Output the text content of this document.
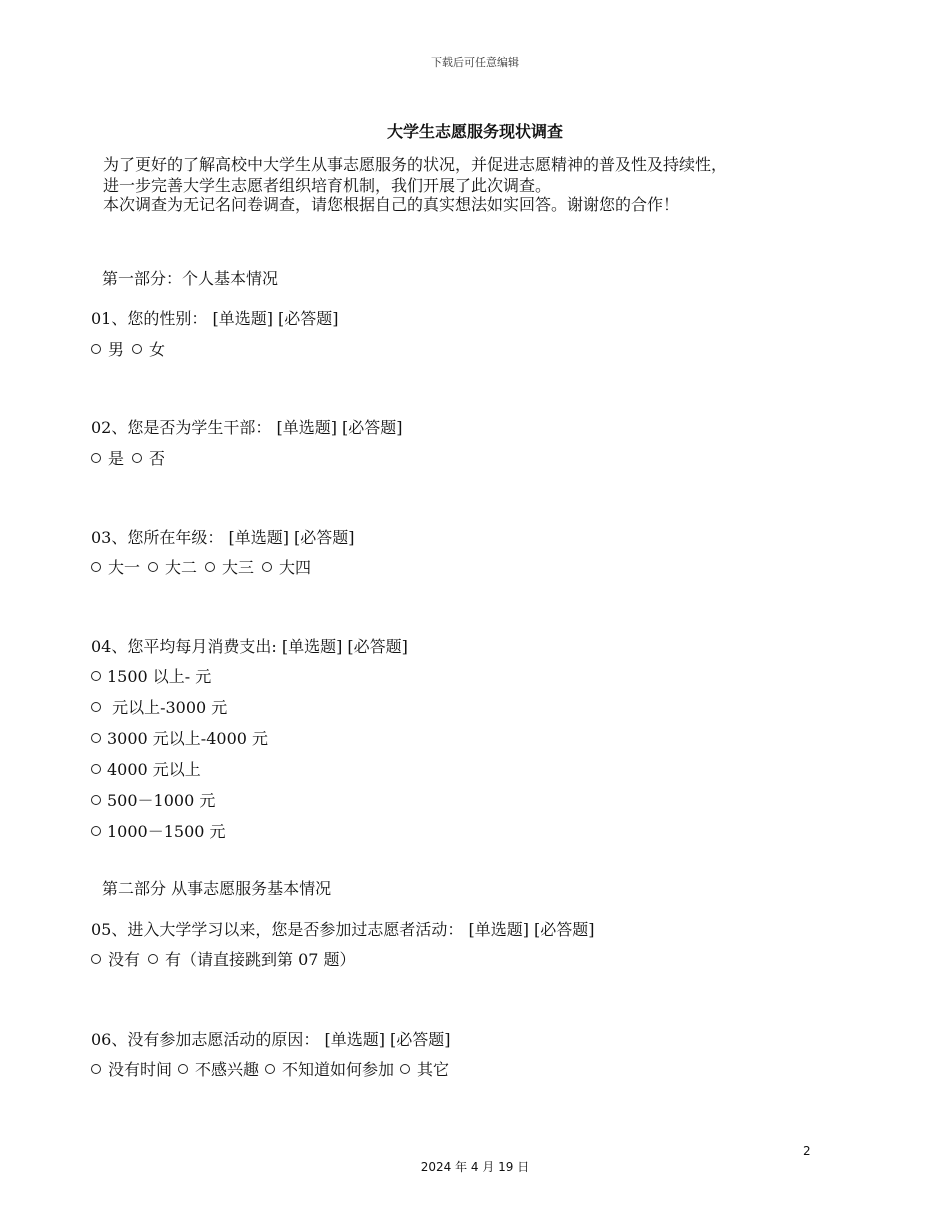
下载后可任意编辑
大学生志愿服务现状调查
为了更好的了解高校中大学生从事志愿服务的状况，并促进志愿精神的普及性及持续性，
进一步完善大学生志愿者组织培育机制，我们开展了此次调查。
本次调查为无记名问卷调查，请您根据自己的真实想法如实回答。谢谢您的合作！
第一部分：个人基本情况
01、您的性别： [单选题] [必答题]
男 女
02、您是否为学生干部： [单选题] [必答题]
是 否
03、您所在年级： [单选题] [必答题]
大一 大二 大三 大四
04、您平均每月消费支出: [单选题] [必答题]
1500 以上- 元
元以上-3000 元
3000 元以上-4000 元
4000 元以上
500－1000 元
1000－1500 元
第二部分 从事志愿服务基本情况
05、进入大学学习以来，您是否参加过志愿者活动： [单选题] [必答题]
没有 有（请直接跳到第 07 题）
06、没有参加志愿活动的原因： [单选题] [必答题]
没有时间 不感兴趣 不知道如何参加 其它
2
2024 年 4 月 19 日
